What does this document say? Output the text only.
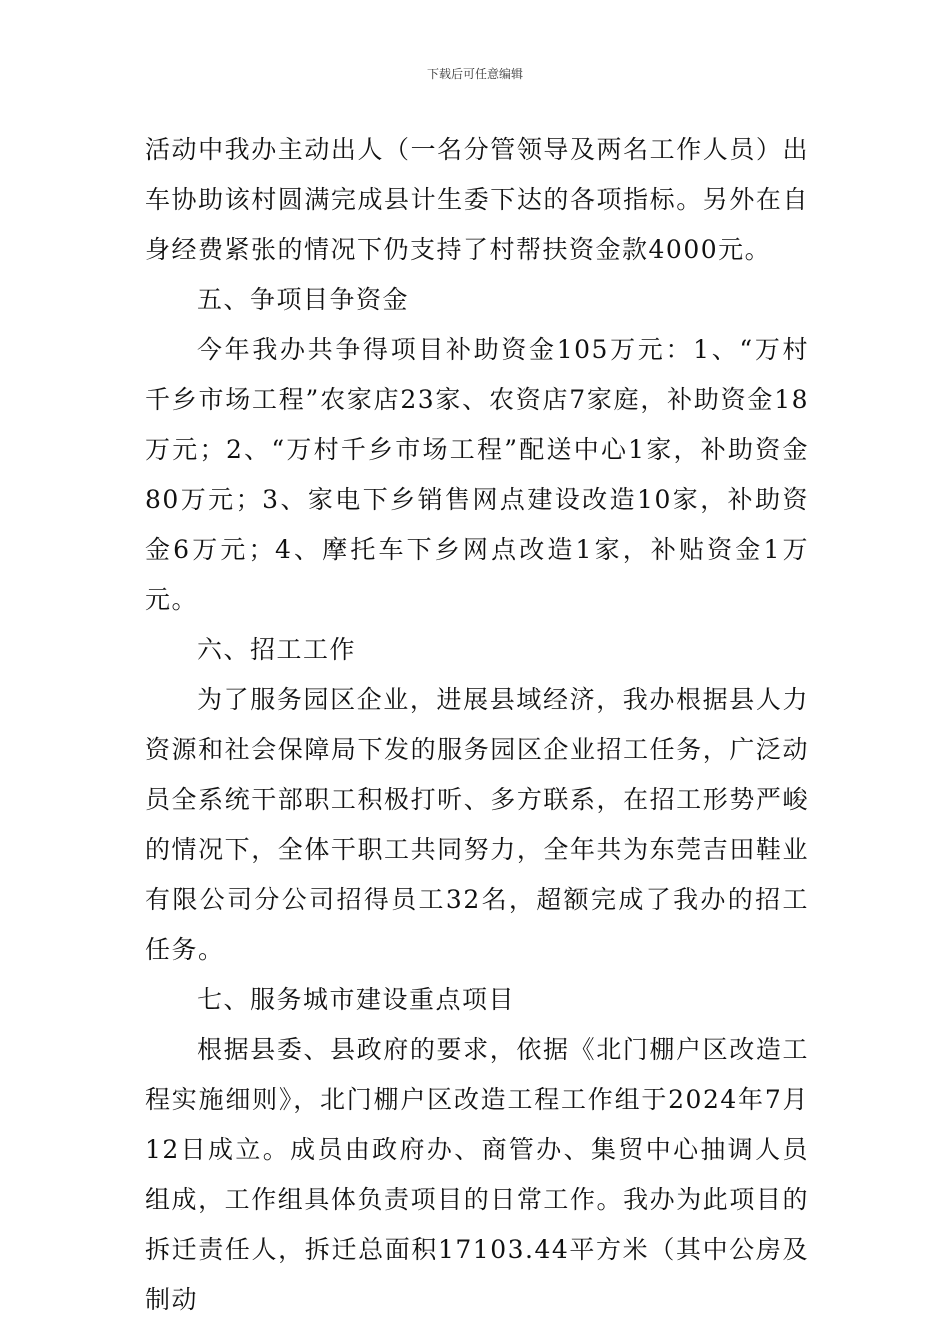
下载后可任意编辑

活动中我办主动出人（一名分管领导及两名工作人员）出车协助该村圆满完成县计生委下达的各项指标。另外在自身经费紧张的情况下仍支持了村帮扶资金款4000元。

五、争项目争资金

今年我办共争得项目补助资金105万元：1、“万村千乡市场工程”农家店23家、农资店7家庭，补助资金18万元；2、“万村千乡市场工程”配送中心1家，补助资金80万元；3、家电下乡销售网点建设改造10家，补助资金6万元；4、摩托车下乡网点改造1家，补贴资金1万元。

六、招工工作

为了服务园区企业，进展县域经济，我办根据县人力资源和社会保障局下发的服务园区企业招工任务，广泛动员全系统干部职工积极打听、多方联系，在招工形势严峻的情况下，全体干职工共同努力，全年共为东莞吉田鞋业有限公司分公司招得员工32名，超额完成了我办的招工任务。

七、服务城市建设重点项目

根据县委、县政府的要求，依据《北门棚户区改造工程实施细则》，北门棚户区改造工程工作组于2024年7月12日成立。成员由政府办、商管办、集贸中心抽调人员组成，工作组具体负责项目的日常工作。我办为此项目的拆迁责任人，拆迁总面积17103.44平方米（其中公房及制动
